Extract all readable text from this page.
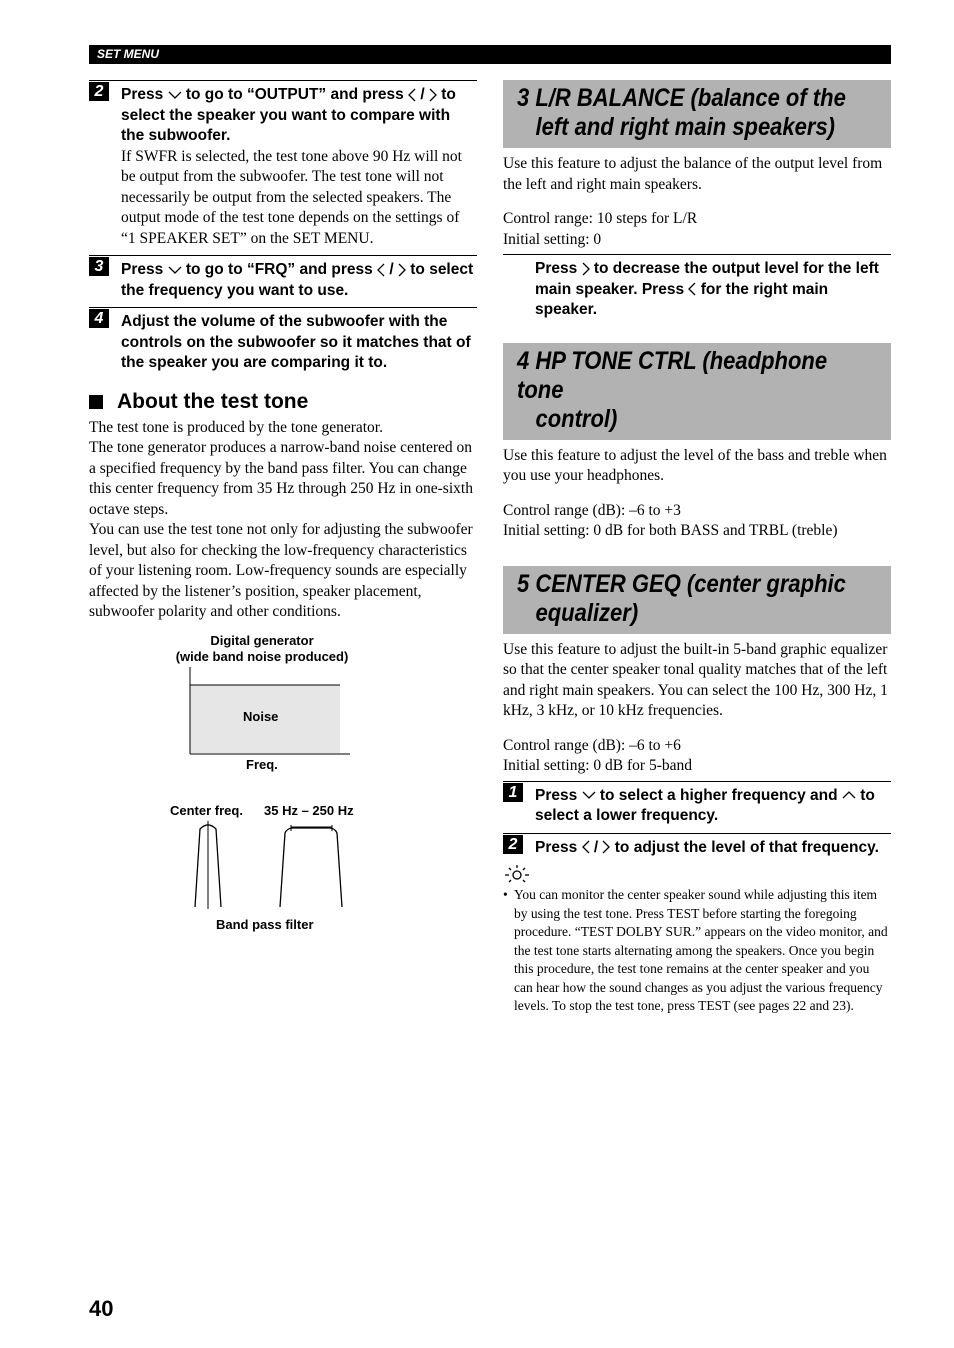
SET MENU
2	Press  to go to “OUTPUT” and press  /  to select the speaker you want to compare with the subwoofer.
If SWFR is selected, the test tone above 90 Hz will not be output from the subwoofer. The test tone will not necessarily be output from the selected speakers. The output mode of the test tone depends on the settings of “1 SPEAKER SET” on the SET MENU.
3	Press  to go to “FRQ” and press  /  to select the frequency you want to use.
4	Adjust the volume of the subwoofer with the controls on the subwoofer so it matches that of the speaker you are comparing it to.
About the test tone

The test tone is produced by the tone generator.

The tone generator produces a narrow-band noise centered on a specified frequency by the band pass filter. You can change this center frequency from 35 Hz through 250 Hz in one-sixth octave steps.

You can use the test tone not only for adjusting the subwoofer level, but also for checking the low-frequency characteristics of your listening room. Low-frequency sounds are especially affected by the listener’s position, speaker placement, subwoofer polarity and other conditions.

Digital generator
(wide band noise produced)
Noise
Freq.
Center freq. 35 Hz – 250 Hz
Band pass filter
3 L/R BALANCE (balance of the
left and right main speakers)

Use this feature to adjust the balance of the output level from the left and right main speakers.

Control range: 10 steps for L/R

Initial setting: 0

Press  to decrease the output level for the left main speaker. Press  for the right main speaker.
4 HP TONE CTRL (headphone tone
control)

Use this feature to adjust the level of the bass and treble when you use your headphones.

Control range (dB): –6 to +3

Initial setting: 0 dB for both BASS and TRBL (treble)

5 CENTER GEQ (center graphic
equalizer)

Use this feature to adjust the built-in 5-band graphic equalizer so that the center speaker tonal quality matches that of the left and right main speakers. You can select the 100 Hz, 300 Hz, 1 kHz, 3 kHz, or 10 kHz frequencies.

Control range (dB): –6 to +6

Initial setting: 0 dB for 5-band

1	Press  to select a higher frequency and  to select a lower frequency.
2	Press  /  to adjust the level of that frequency.
• You can monitor the center speaker sound while adjusting this item by using the test tone. Press TEST before starting the foregoing procedure. “TEST DOLBY SUR.” appears on the video monitor, and the test tone starts alternating among the speakers. Once you begin this procedure, the test tone remains at the center speaker and you can hear how the sound changes as you adjust the various frequency levels. To stop the test tone, press TEST (see pages 22 and 23).
40
